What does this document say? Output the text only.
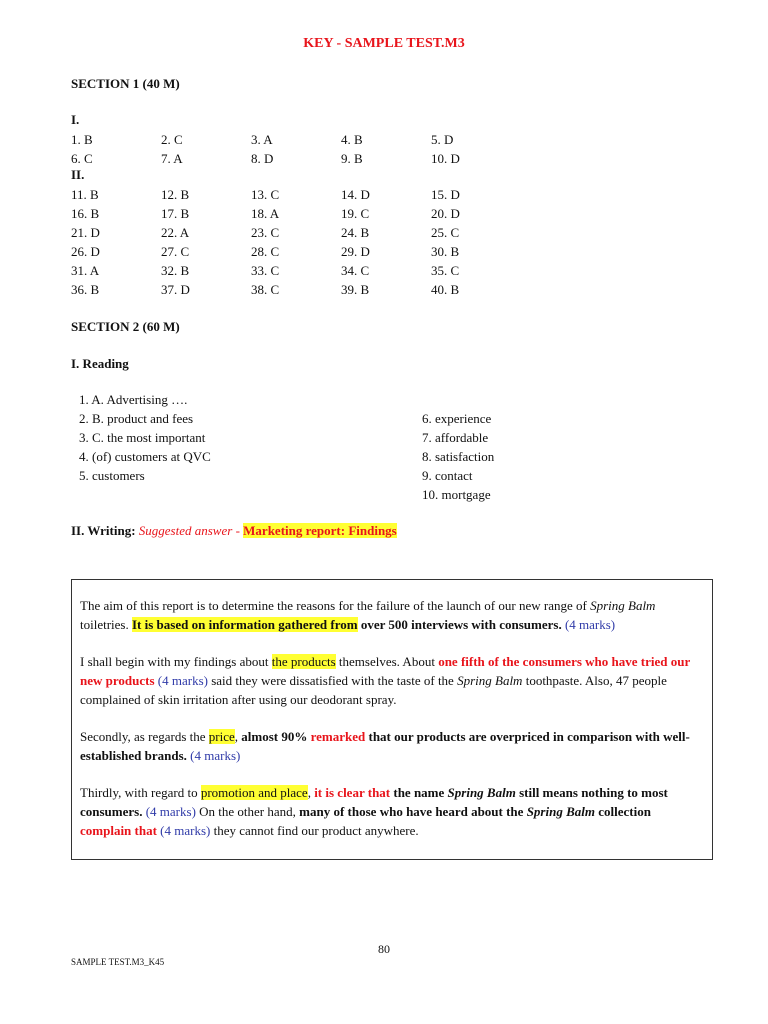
KEY - SAMPLE TEST.M3
SECTION 1 (40 M)
I.
1. B	2. C	3. A	4. B	5. D
6. C	7. A	8. D	9. B	10. D
II.
11. B	12. B	13. C	14. D	15. D
16. B	17. B	18. A	19. C	20. D
21. D	22. A	23. C	24. B	25. C
26. D	27. C	28. C	29. D	30. B
31. A	32. B	33. C	34. C	35. C
36. B	37. D	38. C	39. B	40. B
SECTION 2 (60 M)
I. Reading
1. A. Advertising ….
2. B. product and fees
3. C. the most important
4. (of) customers at QVC
5. customers
6. experience
7. affordable
8. satisfaction
9. contact
10. mortgage
II. Writing: Suggested answer - Marketing report: Findings

The aim of this report is to determine the reasons for the failure of the launch of our new range of Spring Balm toiletries. It is based on information gathered from over 500 interviews with consumers. (4 marks)

I shall begin with my findings about the products themselves. About one fifth of the consumers who have tried our new products (4 marks) said they were dissatisfied with the taste of the Spring Balm toothpaste. Also, 47 people complained of skin irritation after using our deodorant spray.

Secondly, as regards the price, almost 90% remarked that our products are overpriced in comparison with well-established brands. (4 marks)

Thirdly, with regard to promotion and place, it is clear that the name Spring Balm still means nothing to most consumers. (4 marks) On the other hand, many of those who have heard about the Spring Balm collection
complain that (4 marks) they cannot find our product anywhere.

80
SAMPLE TEST.M3_K45
